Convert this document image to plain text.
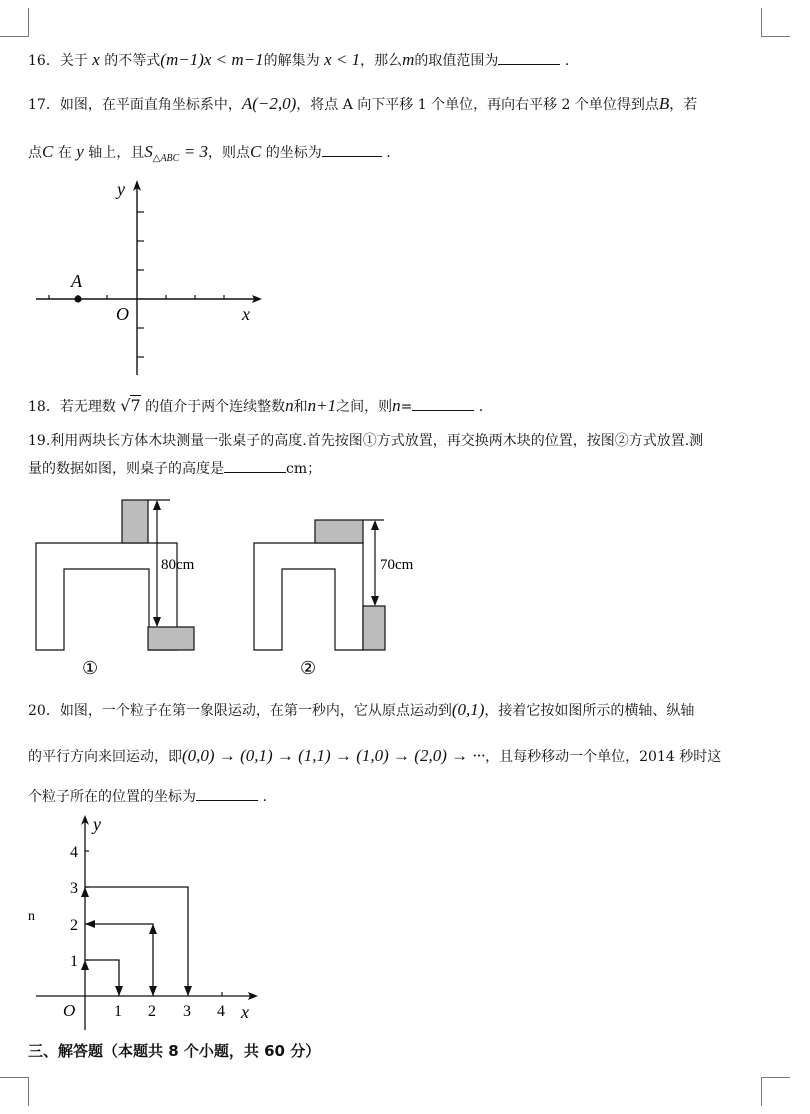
16．关于 x 的不等式(m−1)x < m−1的解集为 x < 1，那么m的取值范围为	.
17．如图，在平面直角坐标系中，A(−2,0)，将点 A 向下平移 1 个单位，再向右平移 2 个单位得到点B，若
点C 在 y 轴上，且$S_{\triangle ABC} = 3$，则点C 的坐标为	.
A
O	x
y
18．若无理数 √7 的值介于两个连续整数n和n+1之间，则n=	.
19.利用两块长方体木块测量一张桌子的高度.首先按图①方式放置，再交换两木块的位置，按图②方式放置.测
量的数据如图，则桌子的高度是	cm；
80cm
①
70cm
②
20．如图，一个粒子在第一象限运动，在第一秒内，它从原点运动到(0,1)，接着它按如图所示的横轴、纵轴
的平行方向来回运动，即(0,0) → (0,1) → (1,1) → (1,0) → (2,0) → ···，且每秒移动一个单位，2014 秒时这
个粒子所在的位置的坐标为	.
n
O 1 2 3 4 x
1
2
3
4
y
三、解答题（本题共 8 个小题，共 60 分）
